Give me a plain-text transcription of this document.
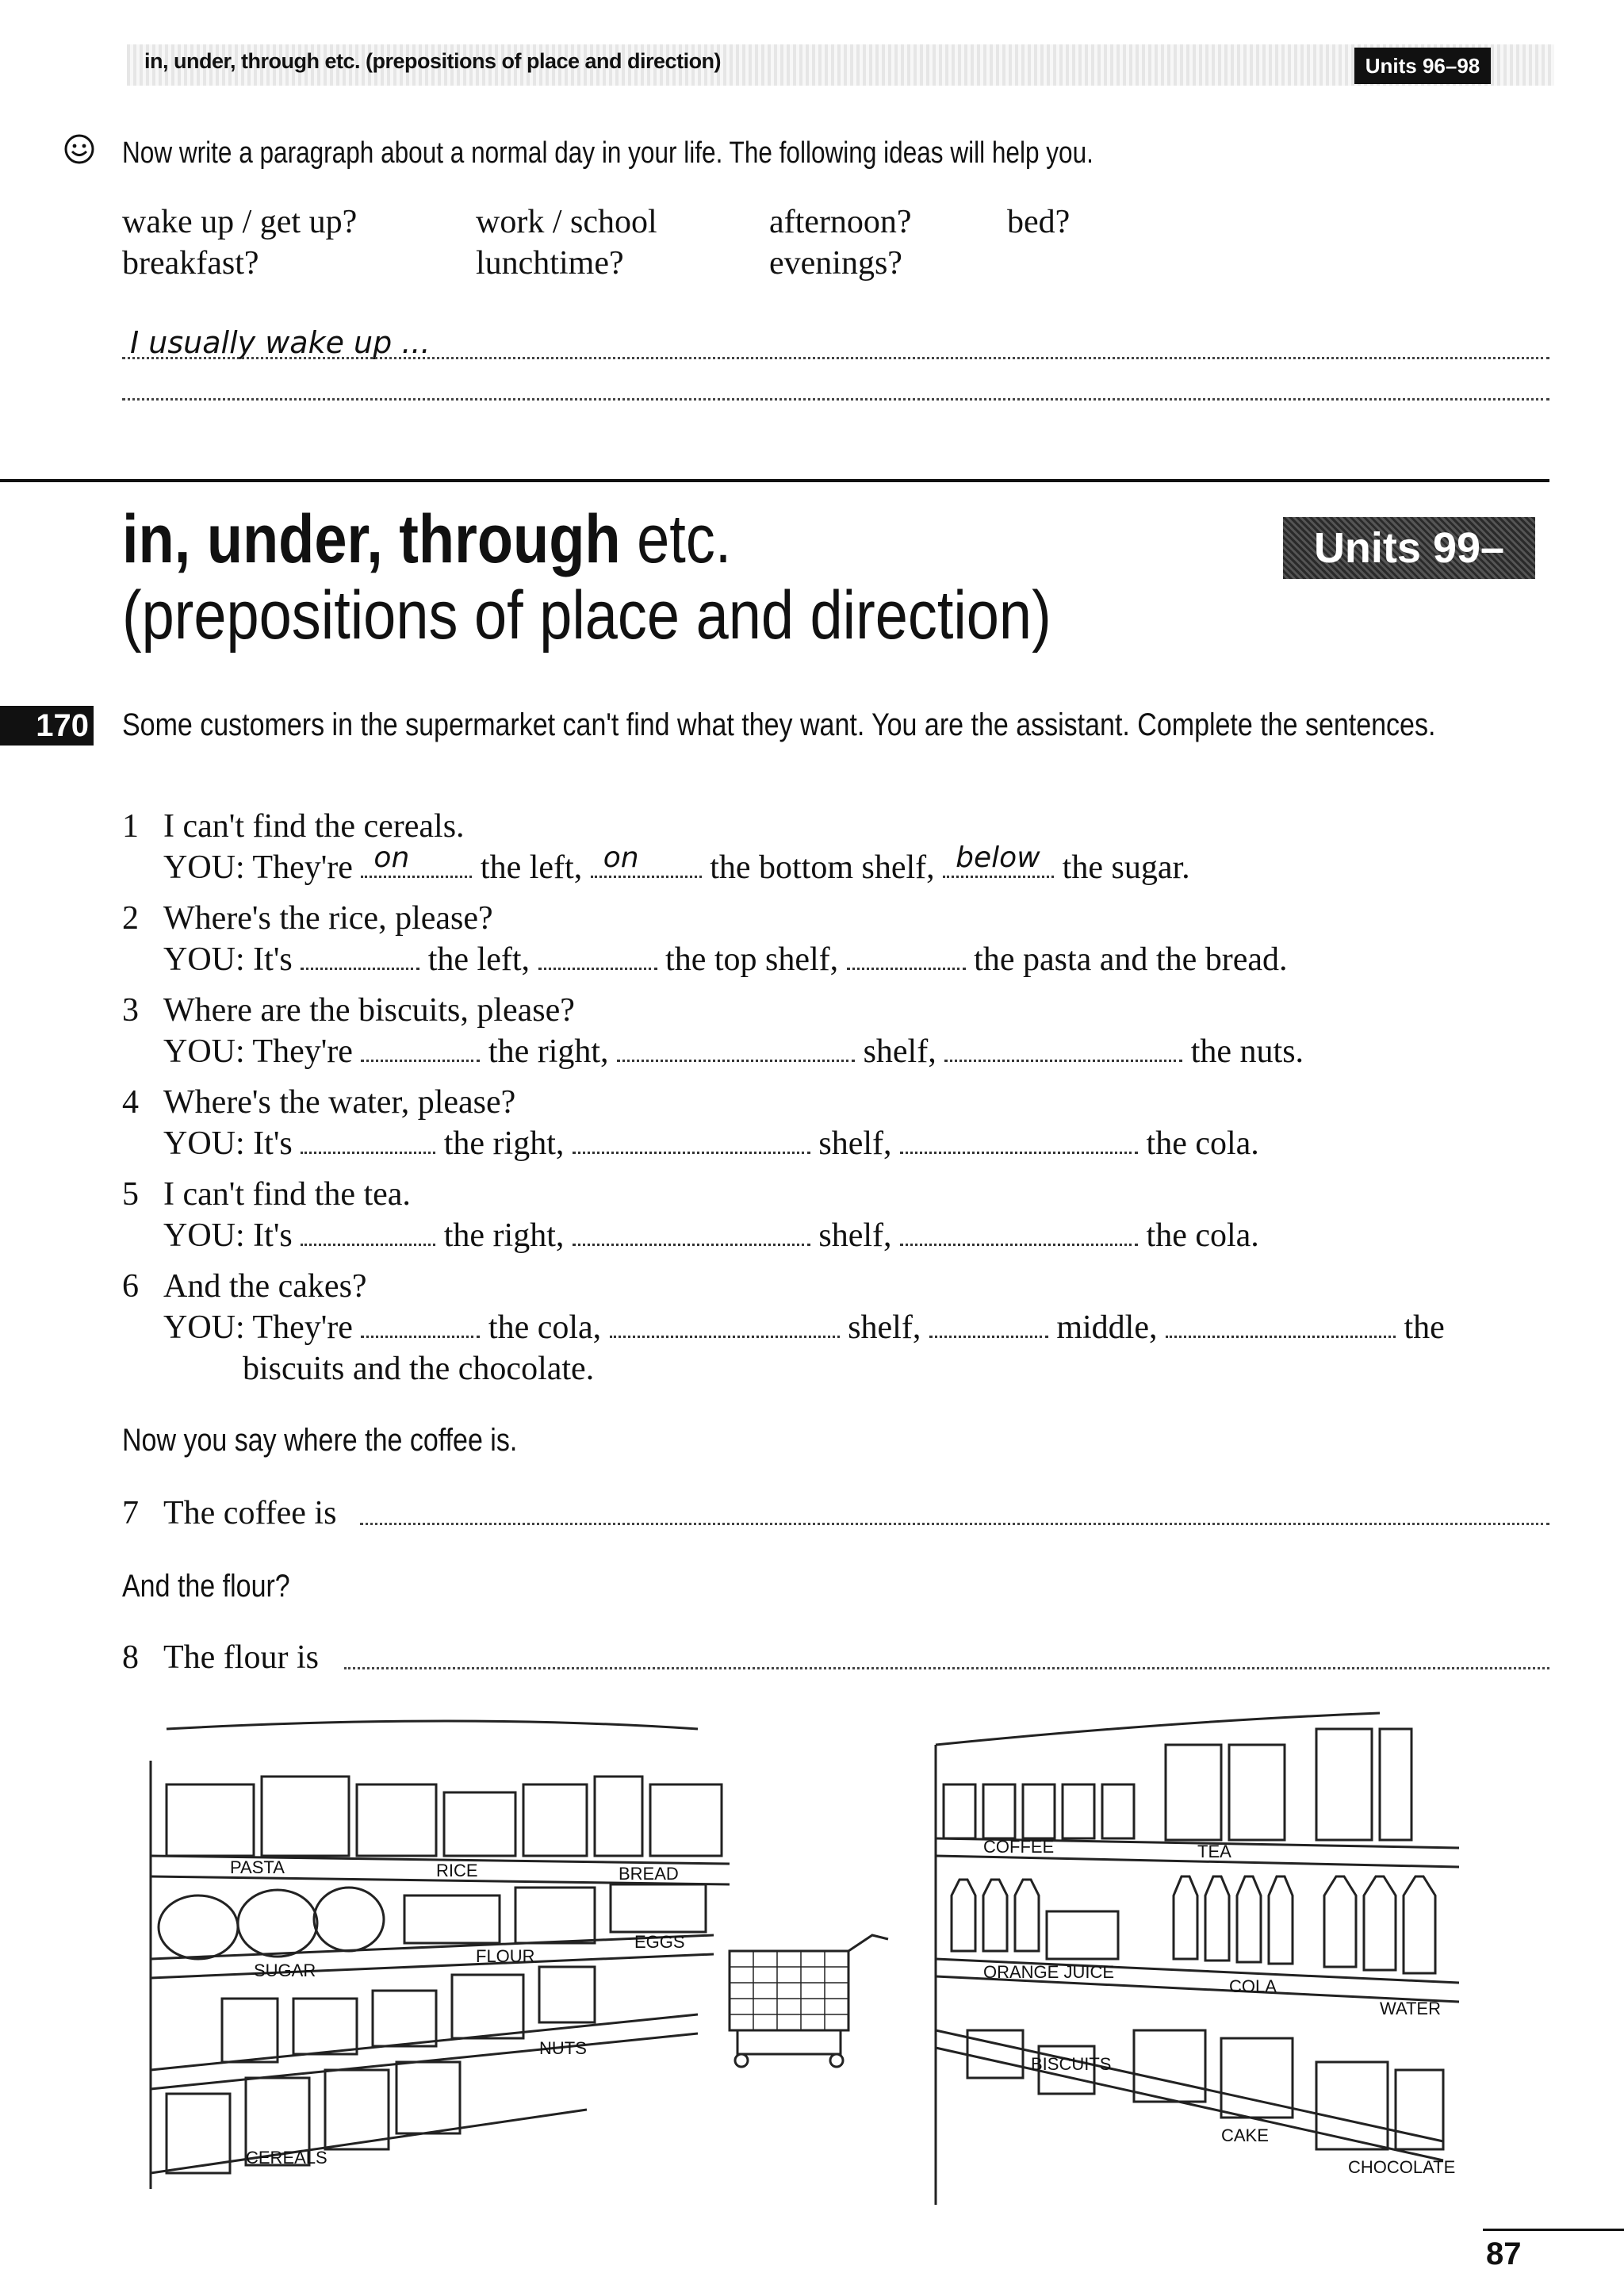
in, under, through etc. (prepositions of place and direction)	Units 96–98
Now write a paragraph about a normal day in your life. The following ideas will help you.
wake up / get up?	work / school	afternoon?	bed?
breakfast?	lunchtime?	evenings?
I usually wake up ...
in, under, through etc.
(prepositions of place and direction)
Units 99–103
170 Some customers in the supermarket can't find what they want. You are the assistant. Complete the sentences.
1 I can't find the cereals.
YOU: They're on the left, on the bottom shelf, below the sugar.
2 Where's the rice, please?
YOU: It's	the left,	the top shelf,	the pasta and the bread.
3 Where are the biscuits, please?
YOU: They're	the right,	shelf,	the nuts.
4 Where's the water, please?
YOU: It's	the right,	shelf,	the cola.
5 I can't find the tea.
YOU: It's	the right,	shelf,	the cola.
6 And the cakes?
YOU: They're	the cola,	shelf,	middle,	the
biscuits and the chocolate.
Now you say where the coffee is.
7 The coffee is
And the flour?
8 The flour is
PASTA	RICE	BREAD
SUGAR
FLOUR
EGGS
NUTS
CEREALS
COFFEE	TEA
ORANGE JUICE
COLA
WATER
BISCUITS
CAKE
CHOCOLATE
87
